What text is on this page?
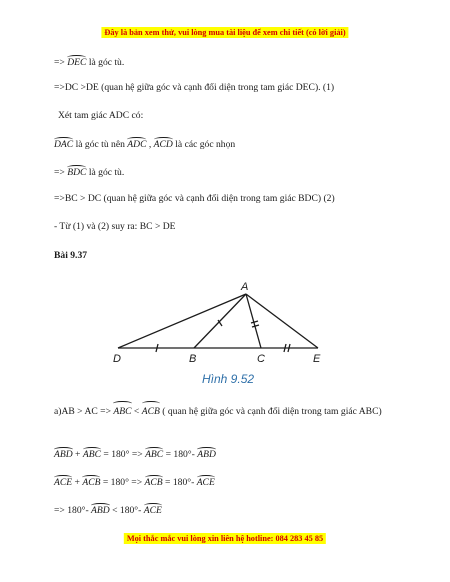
Đây là bản xem thử, vui lòng mua tài liệu để xem chi tiết (có lời giải)
=> DEC là góc tù.
=>DC >DE (quan hệ giữa góc và cạnh đối diện trong tam giác DEC). (1)
Xét tam giác ADC có:
DAC là góc tù nên ADC , ACD là các góc nhọn
=> BDC là góc tù.
=>BC > DC (quan hệ giữa góc và cạnh đối diện trong tam giác BDC) (2)
- Từ (1) và (2) suy ra: BC > DE
Bài 9.37
A
D	B	C	E
Hình 9.52
a)AB > AC => ABC < ACB ( quan hệ giữa góc và cạnh đối diện trong tam giác ABC)
ABD + ABC = 180° => ABC = 180°- ABD
ACE + ACB = 180° => ACB = 180°- ACE
=> 180°- ABD < 180°- ACE
Mọi thắc mắc vui lòng xin liên hệ hotline: 084 283 45 85
